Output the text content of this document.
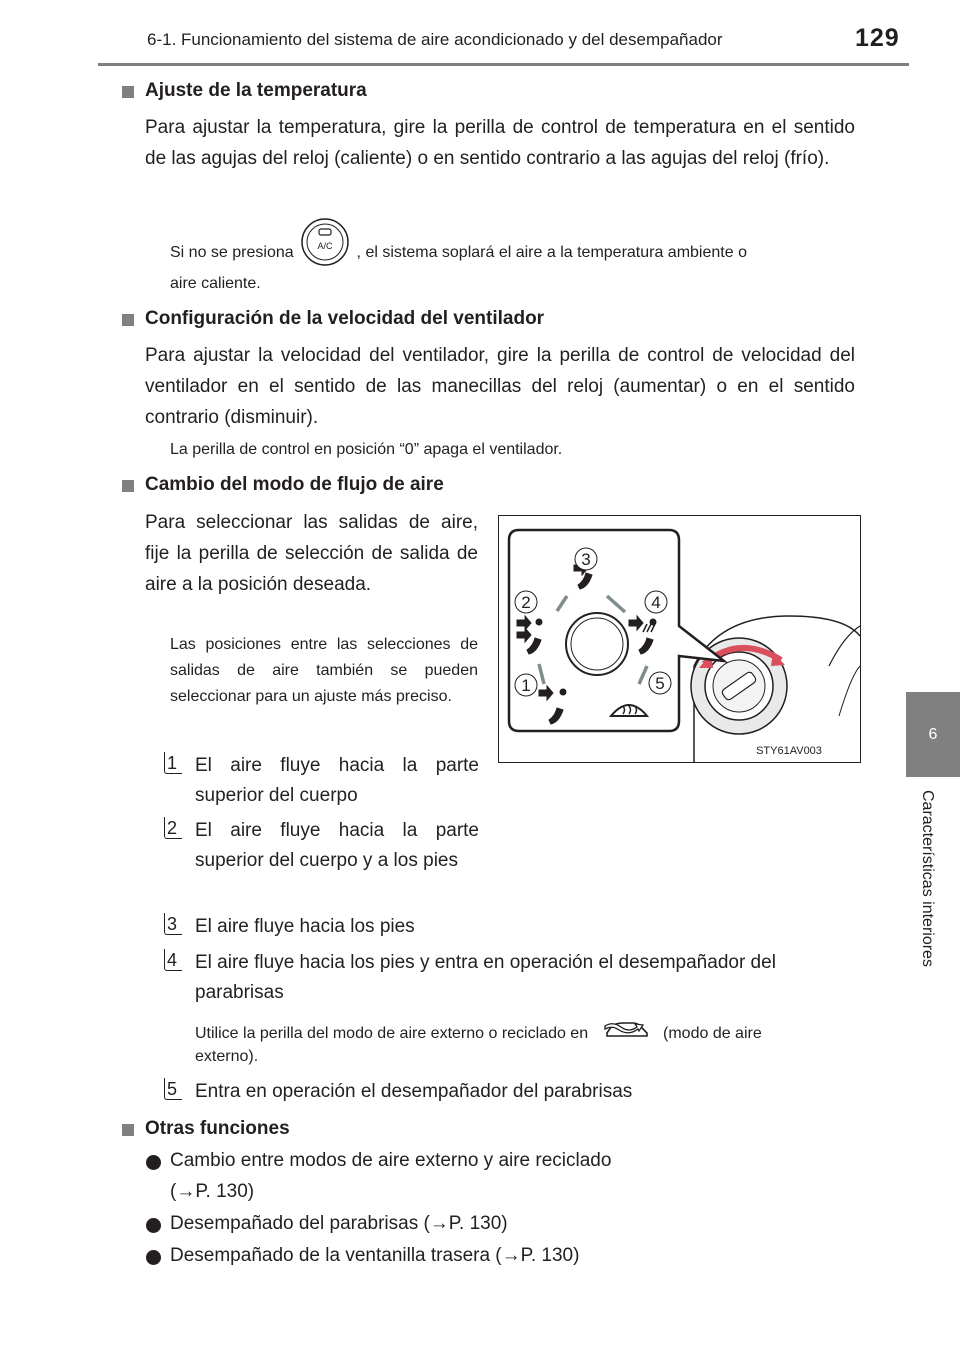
6-1. Funcionamiento del sistema de aire acondicionado y del desempañador	129
6
Características interiores
Ajuste de la temperatura
Para ajustar la temperatura, gire la perilla de control de temperatura en el sentido de las agujas del reloj (caliente) o en sentido contrario a las agujas del reloj (frío).
Si no se presiona	A/C , el sistema soplará el aire a la temperatura ambiente o
aire caliente.
Configuración de la velocidad del ventilador
Para ajustar la velocidad del ventilador, gire la perilla de control de velocidad del ventilador en el sentido de las manecillas del reloj (aumentar) o en el sentido contrario (disminuir).
La perilla de control en posición “0” apaga el ventilador.
Cambio del modo de flujo de aire
Para seleccionar las salidas de aire, fije la perilla de selección de salida de aire a la posición deseada.
Las posiciones entre las selecciones de salidas de aire también se pueden seleccionar para un ajuste más preciso.
3
2	4
1	5
STY61AV003
1 El aire fluye hacia la parte superior del cuerpo
2 El aire fluye hacia la parte superior del cuerpo y a los pies
3 El aire fluye hacia los pies
4 El aire fluye hacia los pies y entra en operación el desempañador del parabrisas
Utilice la perilla del modo de aire externo o reciclado en	(modo de aire
externo).
5 Entra en operación el desempañador del parabrisas
Otras funciones
Cambio entre modos de aire externo y aire reciclado
(→P. 130)
Desempañado del parabrisas (→P. 130)
Desempañado de la ventanilla trasera (→P. 130)
